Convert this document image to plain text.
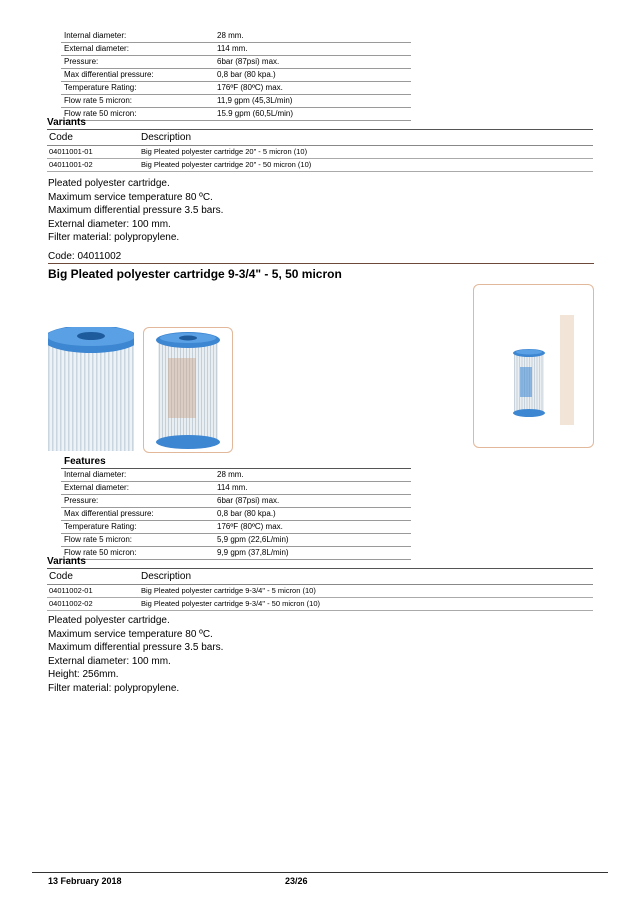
Internal diameter:	28 mm.
External diameter:	114 mm.
Pressure:	6bar (87psi) max.
Max differential pressure:	0,8 bar (80 kpa.)
Temperature Rating:	176ºF (80ºC) max.
Flow rate 5 micron:	11,9 gpm (45,3L/min)
Flow rate 50 micron:	15.9 gpm (60,5L/min)
Variants
Code	Description
04011001-01	Big Pleated polyester cartridge 20" - 5 micron (10)
04011001-02	Big Pleated polyester cartridge 20" - 50 micron (10)
Pleated polyester cartridge.
Maximum service temperature 80 ºC.
Maximum differential pressure 3.5 bars.
External diameter: 100 mm.
Filter material: polypropylene.
Code: 04011002
Big Pleated polyester cartridge 9-3/4" - 5, 50 micron
Features
Internal diameter:	28 mm.
External diameter:	114 mm.
Pressure:	6bar (87psi) max.
Max differential pressure:	0,8 bar (80 kpa.)
Temperature Rating:	176ºF (80ºC) max.
Flow rate 5 micron:	5,9 gpm (22,6L/min)
Flow rate 50 micron:	9,9 gpm (37,8L/min)
Variants
Code	Description
04011002-01	Big Pleated polyester cartridge 9-3/4" - 5 micron (10)
04011002-02	Big Pleated polyester cartridge 9-3/4" - 50 micron (10)
Pleated polyester cartridge.
Maximum service temperature 80 ºC.
Maximum differential pressure 3.5 bars.
External diameter: 100 mm.
Height: 256mm.
Filter material: polypropylene.
13 February 2018	23/26
